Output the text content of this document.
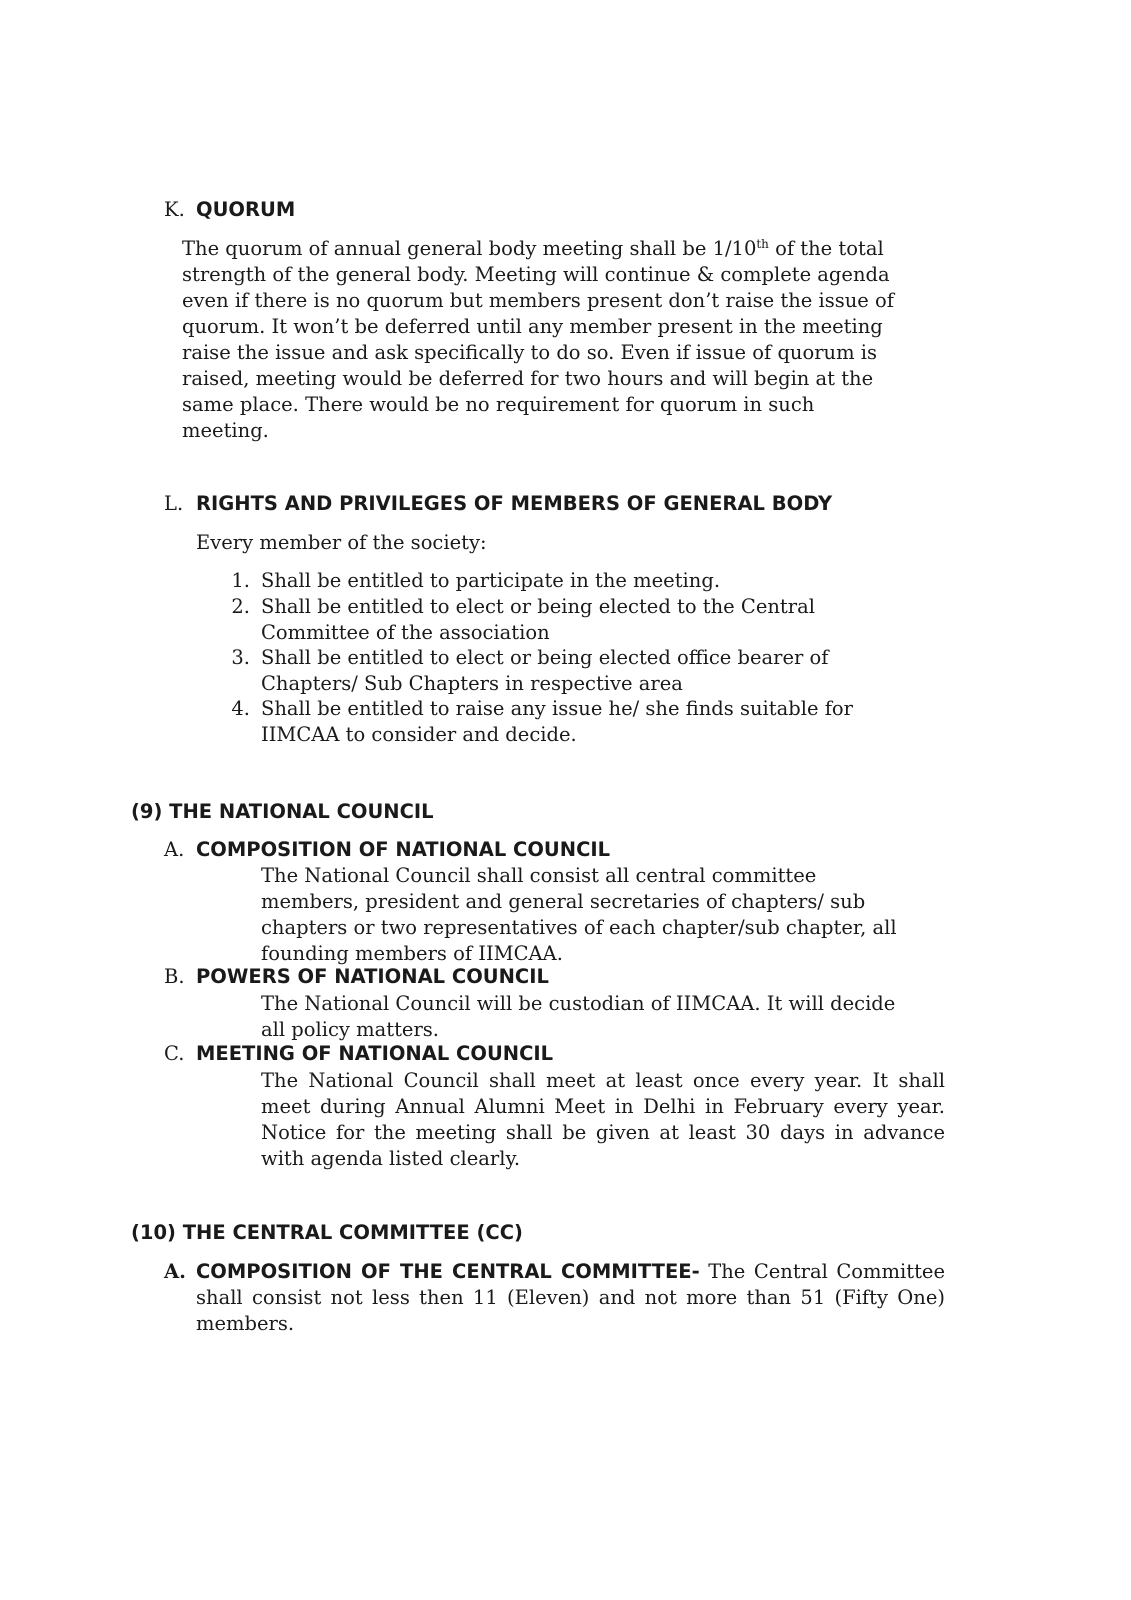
K. QUORUM
The quorum of annual general body meeting shall be 1/10th of the total
strength of the general body. Meeting will continue & complete agenda
even if there is no quorum but members present don’t raise the issue of
quorum. It won’t be deferred until any member present in the meeting
raise the issue and ask specifically to do so. Even if issue of quorum is
raised, meeting would be deferred for two hours and will begin at the
same place. There would be no requirement for quorum in such
meeting.
L. RIGHTS AND PRIVILEGES OF MEMBERS OF GENERAL BODY
Every member of the society:
1. Shall be entitled to participate in the meeting.
2. Shall be entitled to elect or being elected to the Central
Committee of the association
3. Shall be entitled to elect or being elected office bearer of
Chapters/ Sub Chapters in respective area
4. Shall be entitled to raise any issue he/ she finds suitable for
IIMCAA to consider and decide.
(9) THE NATIONAL COUNCIL
A. COMPOSITION OF NATIONAL COUNCIL
The National Council shall consist all central committee
members, president and general secretaries of chapters/ sub
chapters or two representatives of each chapter/sub chapter, all
founding members of IIMCAA.
B. POWERS OF NATIONAL COUNCIL
The National Council will be custodian of IIMCAA. It will decide
all policy matters.
C. MEETING OF NATIONAL COUNCIL
The National Council shall meet at least once every year. It shall meet during Annual Alumni Meet in Delhi in February every year. Notice for the meeting shall be given at least 30 days in advance with agenda listed clearly.
(10) THE CENTRAL COMMITTEE (CC)
A. COMPOSITION OF THE CENTRAL COMMITTEE- The Central Committee shall consist not less then 11 (Eleven) and not more than 51 (Fifty One) members.
